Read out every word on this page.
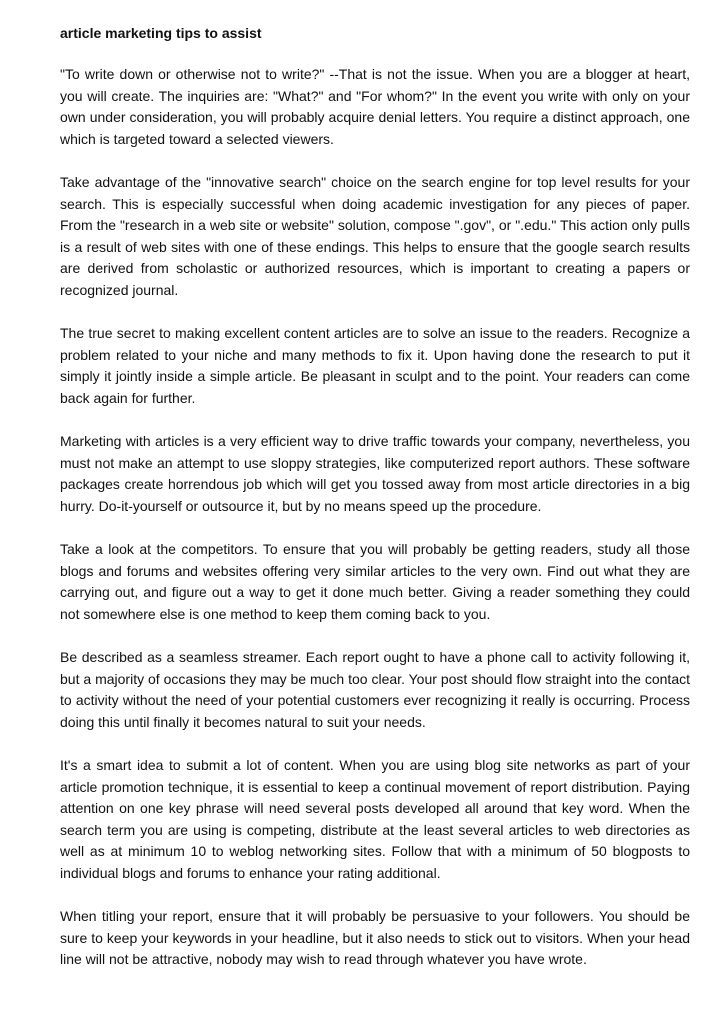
article marketing tips to assist

"To write down or otherwise not to write?" --That is not the issue. When you are a blogger at heart, you will create. The inquiries are: "What?" and "For whom?" In the event you write with only on your own under consideration, you will probably acquire denial letters. You require a distinct approach, one which is targeted toward a selected viewers.

Take advantage of the "innovative search" choice on the search engine for top level results for your search. This is especially successful when doing academic investigation for any pieces of paper. From the "research in a web site or website" solution, compose ".gov", or ".edu." This action only pulls is a result of web sites with one of these endings. This helps to ensure that the google search results are derived from scholastic or authorized resources, which is important to creating a papers or recognized journal.

The true secret to making excellent content articles are to solve an issue to the readers. Recognize a problem related to your niche and many methods to fix it. Upon having done the research to put it simply it jointly inside a simple article. Be pleasant in sculpt and to the point. Your readers can come back again for further.

Marketing with articles is a very efficient way to drive traffic towards your company, nevertheless, you must not make an attempt to use sloppy strategies, like computerized report authors. These software packages create horrendous job which will get you tossed away from most article directories in a big hurry. Do-it-yourself or outsource it, but by no means speed up the procedure.

Take a look at the competitors. To ensure that you will probably be getting readers, study all those blogs and forums and websites offering very similar articles to the very own. Find out what they are carrying out, and figure out a way to get it done much better. Giving a reader something they could not somewhere else is one method to keep them coming back to you.

Be described as a seamless streamer. Each report ought to have a phone call to activity following it, but a majority of occasions they may be much too clear. Your post should flow straight into the contact to activity without the need of your potential customers ever recognizing it really is occurring. Process doing this until finally it becomes natural to suit your needs.

It's a smart idea to submit a lot of content. When you are using blog site networks as part of your article promotion technique, it is essential to keep a continual movement of report distribution. Paying attention on one key phrase will need several posts developed all around that key word. When the search term you are using is competing, distribute at the least several articles to web directories as well as at minimum 10 to weblog networking sites. Follow that with a minimum of 50 blogposts to individual blogs and forums to enhance your rating additional.

When titling your report, ensure that it will probably be persuasive to your followers. You should be sure to keep your keywords in your headline, but it also needs to stick out to visitors. When your head line will not be attractive, nobody may wish to read through whatever you have wrote.
